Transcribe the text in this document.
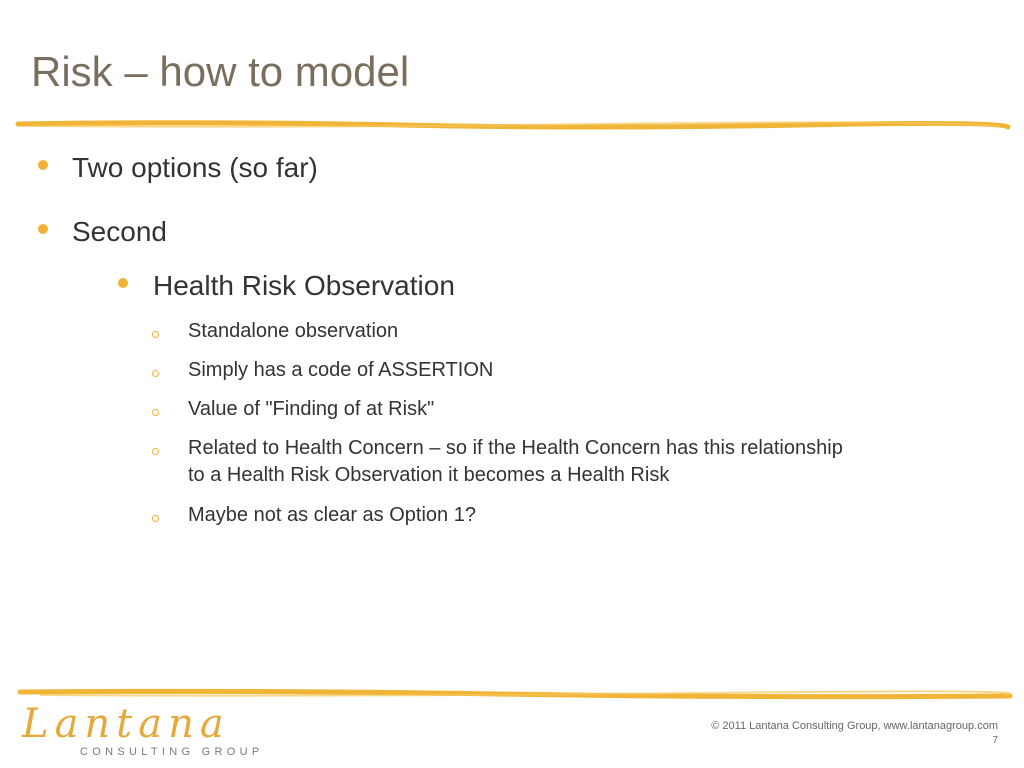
Risk – how to model
Two options (so far)
Second
Health Risk Observation
Standalone observation
Simply has a code of ASSERTION
Value of "Finding of at Risk"
Related to Health Concern – so if the Health Concern has this relationship
to a Health Risk Observation it becomes a Health Risk
Maybe not as clear as Option 1?
Lantana
CONSULTING GROUP
© 2011 Lantana Consulting Group, www.lantanagroup.com
7
